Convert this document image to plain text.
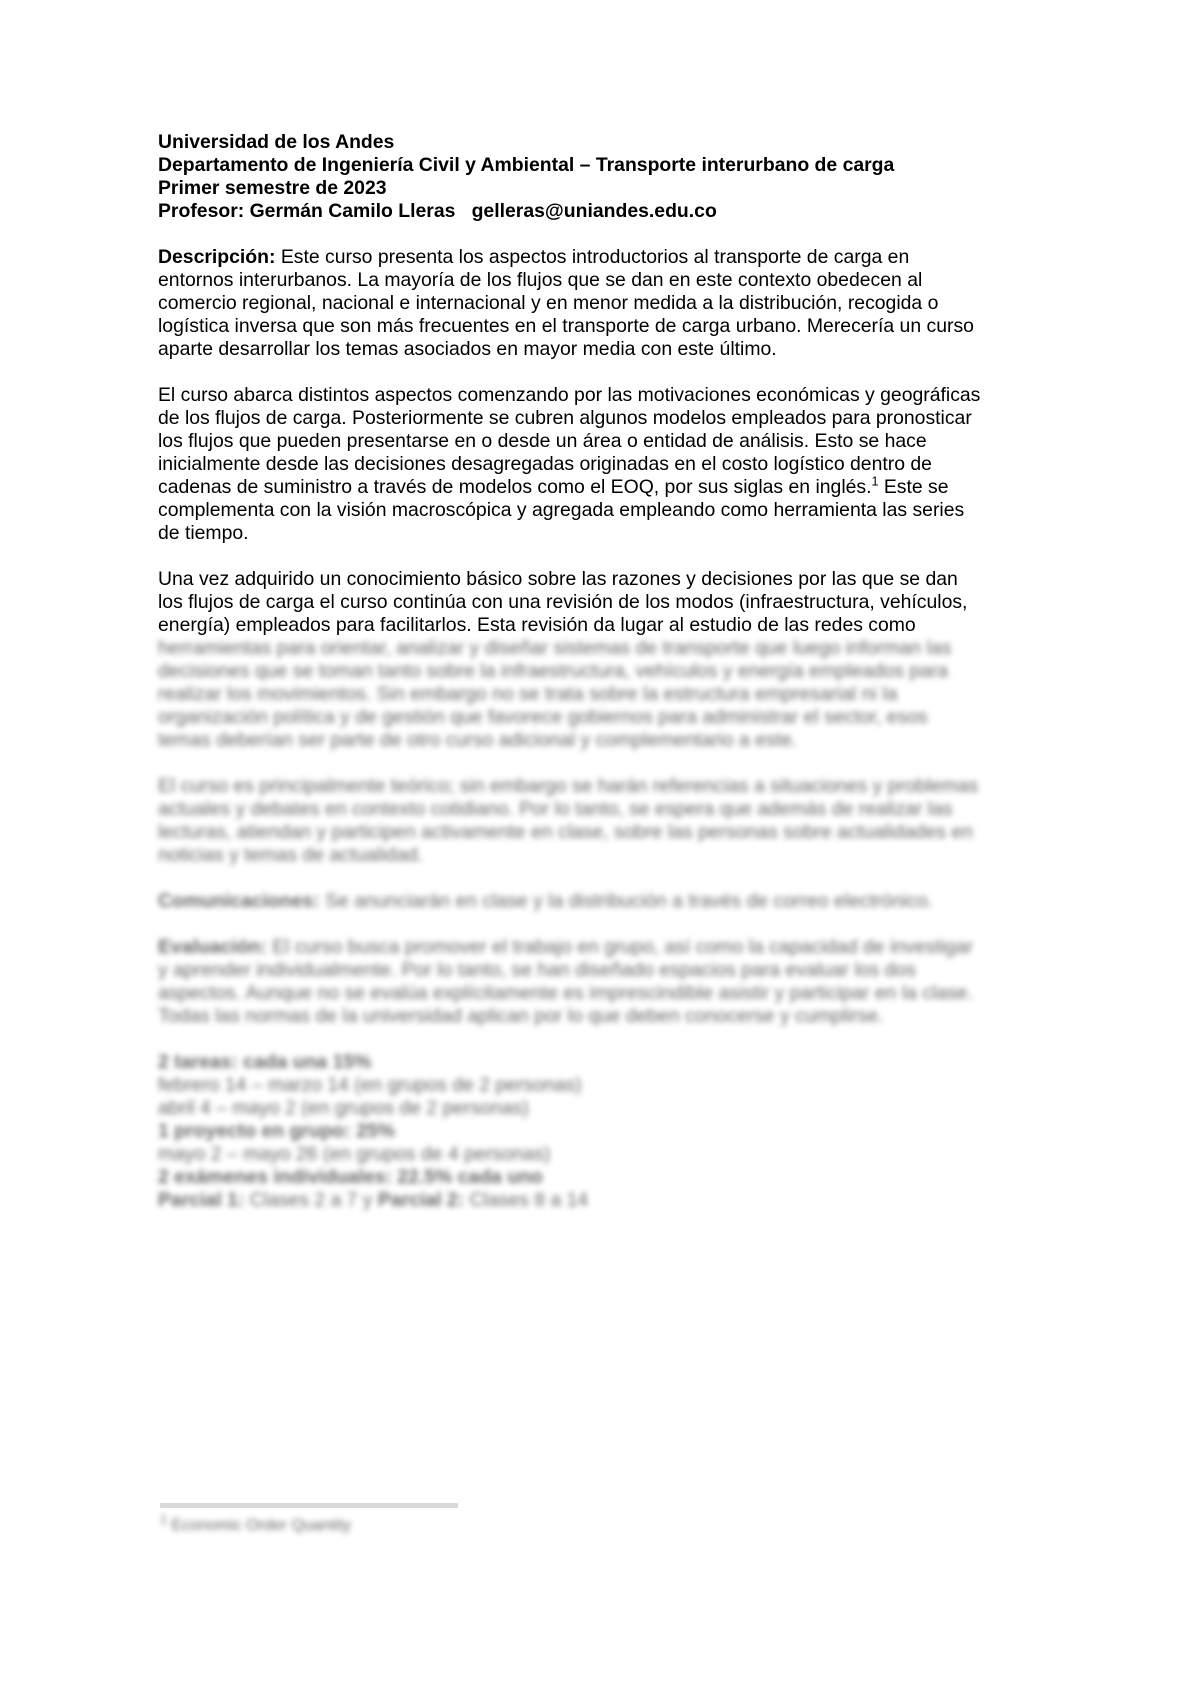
Universidad de los Andes
Departamento de Ingeniería Civil y Ambiental – Transporte interurbano de carga
Primer semestre de 2023
Profesor: Germán Camilo Lleras   gelleras@uniandes.edu.co
Descripción: Este curso presenta los aspectos introductorios al transporte de carga en
entornos interurbanos. La mayoría de los flujos que se dan en este contexto obedecen al
comercio regional, nacional e internacional y en menor medida a la distribución, recogida o
logística inversa que son más frecuentes en el transporte de carga urbano. Merecería un curso
aparte desarrollar los temas asociados en mayor media con este último.
El curso abarca distintos aspectos comenzando por las motivaciones económicas y geográficas
de los flujos de carga. Posteriormente se cubren algunos modelos empleados para pronosticar
los flujos que pueden presentarse en o desde un área o entidad de análisis. Esto se hace
inicialmente desde las decisiones desagregadas originadas en el costo logístico dentro de
cadenas de suministro a través de modelos como el EOQ, por sus siglas en inglés.$^1$ Este se
complementa con la visión macroscópica y agregada empleando como herramienta las series
de tiempo.
Una vez adquirido un conocimiento básico sobre las razones y decisiones por las que se dan
los flujos de carga el curso continúa con una revisión de los modos (infraestructura, vehículos,
energía) empleados para facilitarlos. Esta revisión da lugar al estudio de las redes como
herramientas para orientar, analizar y diseñar sistemas de transporte que luego informan las
decisiones que se toman tanto sobre la infraestructura, vehículos y energía empleados para
realizar los movimientos. Sin embargo no se trata sobre la estructura empresarial ni la
organización política y de gestión que favorece gobiernos para administrar el sector, esos
temas deberían ser parte de otro curso adicional y complementario a este.
El curso es principalmente teórico; sin embargo se harán referencias a situaciones y problemas
actuales y debates en contexto cotidiano. Por lo tanto, se espera que además de realizar las
lecturas, atiendan y participen activamente en clase, sobre las personas sobre actualidades en
noticias y temas de actualidad.
Comunicaciones: Se anunciarán en clase y la distribución a través de correo electrónico.
Evaluación: El curso busca promover el trabajo en grupo, así como la capacidad de investigar
y aprender individualmente. Por lo tanto, se han diseñado espacios para evaluar los dos
aspectos. Aunque no se evalúa explícitamente es imprescindible asistir y participar en la clase.
Todas las normas de la universidad aplican por lo que deben conocerse y cumplirse.
2 tareas: cada una 15%
febrero 14 – marzo 14 (en grupos de 2 personas)
abril 4 – mayo 2 (en grupos de 2 personas)
1 proyecto en grupo: 25%
mayo 2 – mayo 26 (en grupos de 4 personas)
2 exámenes individuales: 22.5% cada uno
Parcial 1: Clases 2 a 7 y Parcial 2: Clases 8 a 14
$^1$ Economic Order Quantity
